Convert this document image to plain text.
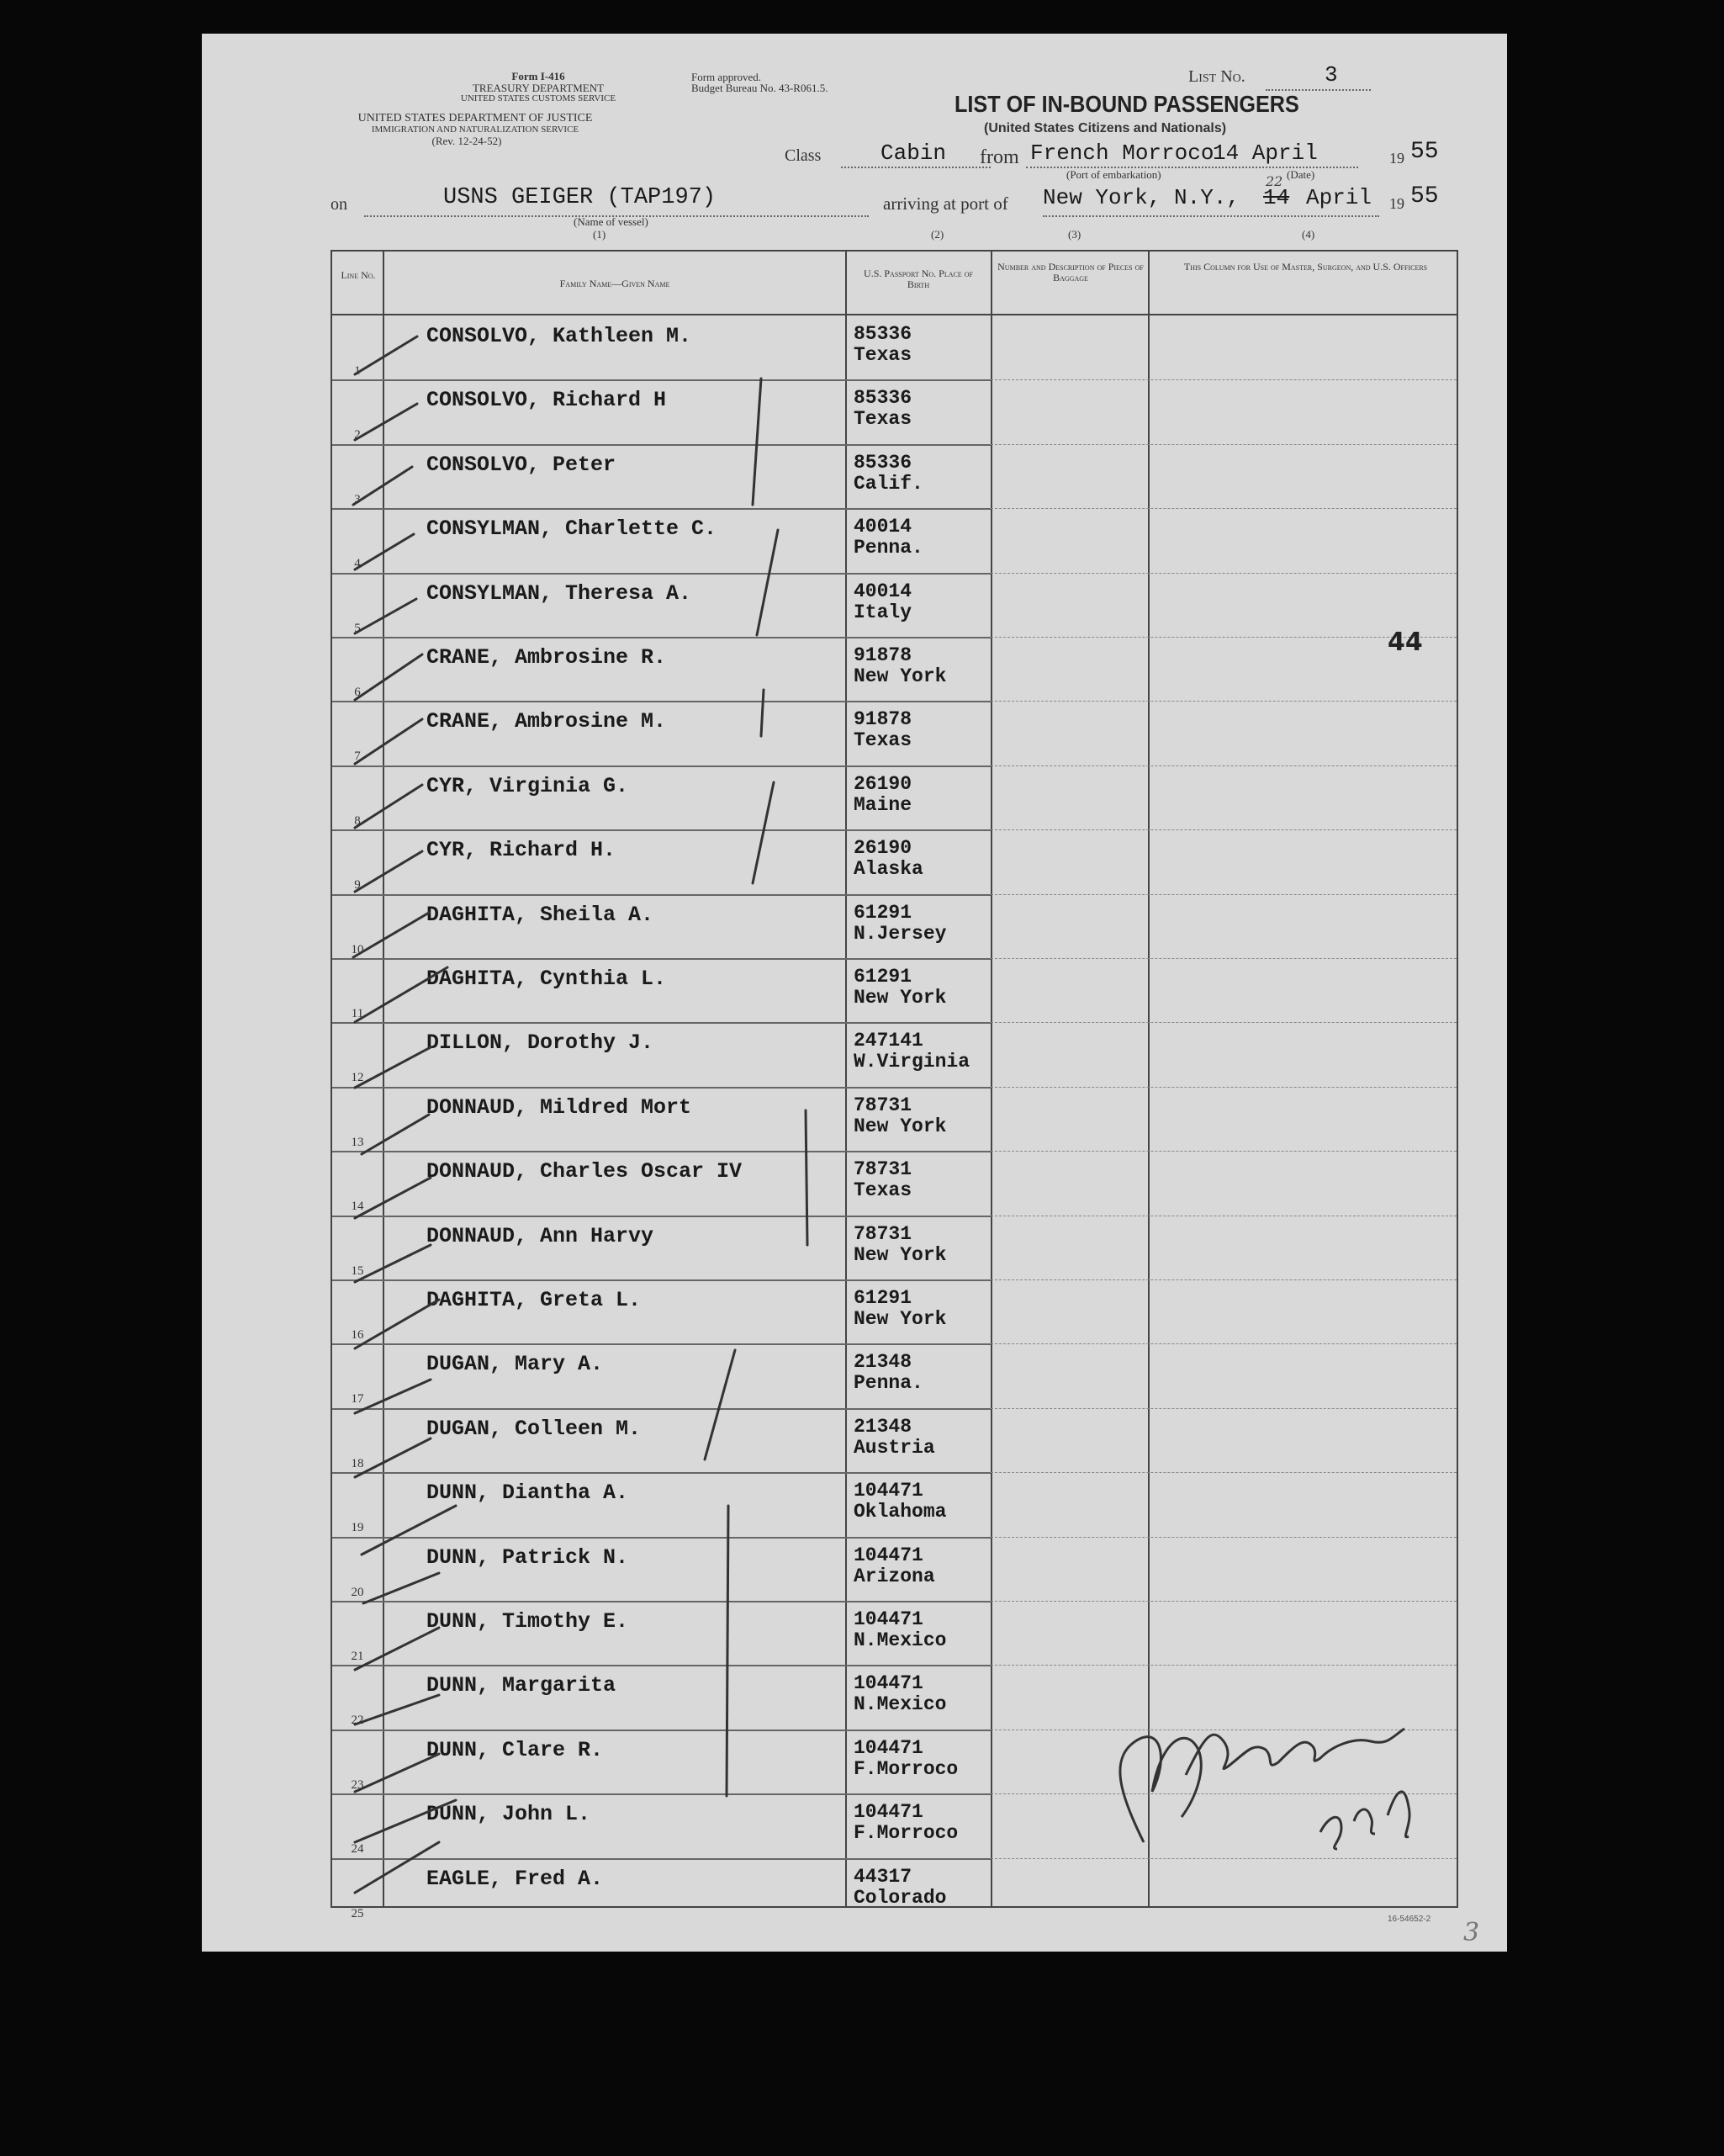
Form I-416
TREASURY DEPARTMENT
UNITED STATES CUSTOMS SERVICE
UNITED STATES DEPARTMENT OF JUSTICE
IMMIGRATION AND NATURALIZATION SERVICE
(Rev. 12-24-52)
Form approved.
Budget Bureau No. 43-R061.5.
List No.	3
LIST OF IN-BOUND PASSENGERS
(United States Citizens and Nationals)
Class	Cabin from French Morroco
14 April	19 55
(Port of embarkation)	(Date)
on	USNS GEIGER (TAP197)
(Name of vessel)
(1)
arriving at port of New York, N.Y., 14
22
April 19 55
(2)	(3)	(4)
Line No.
Family Name—Given Name
U.S. Passport No. Place of Birth
Number and Description of Pieces of Baggage
This Column for Use of Master, Surgeon, and U.S. Officers
1
CONSOLVO, Kathleen M.	85336
Texas
2
CONSOLVO, Richard H	85336
Texas
3
CONSOLVO, Peter	85336
Calif.
4
CONSYLMAN, Charlette C.	40014
Penna.
5
CONSYLMAN, Theresa A.	40014
Italy
6
CRANE, Ambrosine R.	91878
New York
7
CRANE, Ambrosine M.	91878
Texas
8
CYR, Virginia G.	26190
Maine
9
CYR, Richard H.	26190
Alaska
10
DAGHITA, Sheila A.	61291
N.Jersey
11
DAGHITA, Cynthia L.	61291
New York
12
DILLON, Dorothy J.	247141
W.Virginia
13
DONNAUD, Mildred Mort	78731
New York
14
DONNAUD, Charles Oscar IV	78731
Texas
15
DONNAUD, Ann Harvy	78731
New York
16
DAGHITA, Greta L.	61291
New York
17
DUGAN, Mary A.	21348
Penna.
18
DUGAN, Colleen M.	21348
Austria
19
DUNN, Diantha A.	104471
Oklahoma
20
DUNN, Patrick N.	104471
Arizona
21
DUNN, Timothy E.	104471
N.Mexico
22
DUNN, Margarita	104471
N.Mexico
23
DUNN, Clare R.	104471
F.Morroco
24
DUNN, John L.	104471
F.Morroco
25
EAGLE, Fred A.	44317
Colorado
44
16-54652-2 3
